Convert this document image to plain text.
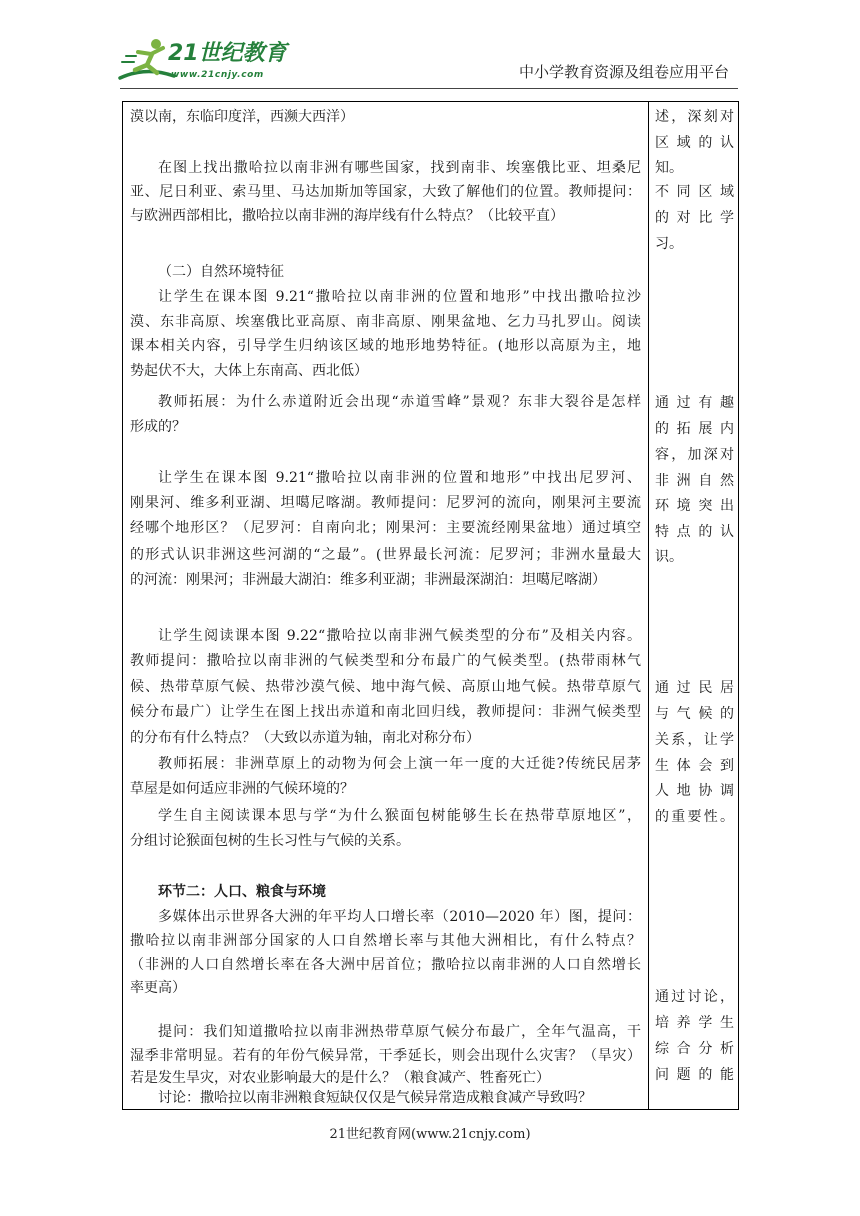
21世纪教育
www.21cnjy.com	中小学教育资源及组卷应用平台
漠以南，东临印度洋，西濒大西洋）
在图上找出撒哈拉以南非洲有哪些国家，找到南非、埃塞俄比亚、坦桑尼
亚、尼日利亚、索马里、马达加斯加等国家，大致了解他们的位置。教师提问：
与欧洲西部相比，撒哈拉以南非洲的海岸线有什么特点？（比较平直）
（二）自然环境特征
让学生在课本图 9.21“撒哈拉以南非洲的位置和地形”中找出撒哈拉沙
漠、东非高原、埃塞俄比亚高原、南非高原、刚果盆地、乞力马扎罗山。阅读
课本相关内容，引导学生归纳该区域的地形地势特征。(地形以高原为主，地
势起伏不大，大体上东南高、西北低）
教师拓展：为什么赤道附近会出现“赤道雪峰”景观？东非大裂谷是怎样
形成的？
让学生在课本图 9.21“撒哈拉以南非洲的位置和地形”中找出尼罗河、
刚果河、维多利亚湖、坦噶尼喀湖。教师提问：尼罗河的流向，刚果河主要流
经哪个地形区？（尼罗河：自南向北；刚果河：主要流经刚果盆地）通过填空
的形式认识非洲这些河湖的“之最”。(世界最长河流：尼罗河；非洲水量最大
的河流：刚果河；非洲最大湖泊：维多利亚湖；非洲最深湖泊：坦噶尼喀湖）
让学生阅读课本图 9.22“撒哈拉以南非洲气候类型的分布”及相关内容。
教师提问：撒哈拉以南非洲的气候类型和分布最广的气候类型。(热带雨林气
候、热带草原气候、热带沙漠气候、地中海气候、高原山地气候。热带草原气
候分布最广）让学生在图上找出赤道和南北回归线，教师提问：非洲气候类型
的分布有什么特点？（大致以赤道为轴，南北对称分布）
教师拓展：非洲草原上的动物为何会上演一年一度的大迁徙?传统民居茅
草屋是如何适应非洲的气候环境的？
学生自主阅读课本思与学“为什么猴面包树能够生长在热带草原地区”，
分组讨论猴面包树的生长习性与气候的关系。
环节二：人口、粮食与环境
多媒体出示世界各大洲的年平均人口增长率（2010—2020 年）图，提问：
撒哈拉以南非洲部分国家的人口自然增长率与其他大洲相比，有什么特点？
（非洲的人口自然增长率在各大洲中居首位；撒哈拉以南非洲的人口自然增长
率更高）
提问：我们知道撒哈拉以南非洲热带草原气候分布最广，全年气温高，干
湿季非常明显。若有的年份气候异常，干季延长，则会出现什么灾害？（旱灾）
若是发生旱灾，对农业影响最大的是什么？（粮食减产、牲畜死亡）
讨论：撒哈拉以南非洲粮食短缺仅仅是气候异常造成粮食减产导致吗？
述，深刻对
区域的认
知。
不同区域
的对比学
习。
通过有趣
的拓展内
容，加深对
非洲自然
环境突出
特点的认
识。
通过民居
与气候的
关系，让学
生体会到
人地协调
的重要性。
通过讨论，
培养学生
综合分析
问题的能
21世纪教育网(www.21cnjy.com)
